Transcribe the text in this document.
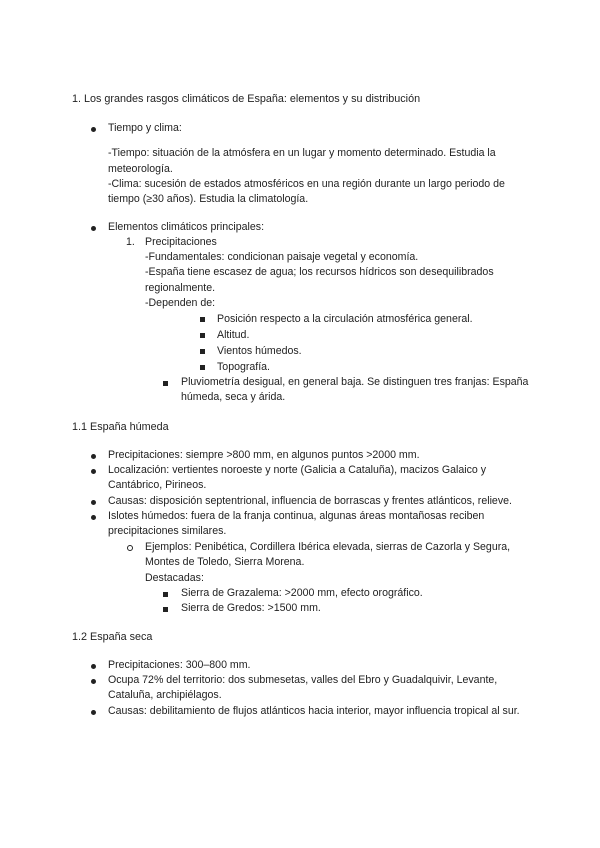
1. Los grandes rasgos climáticos de España: elementos y su distribución
Tiempo y clima:
-Tiempo: situación de la atmósfera en un lugar y momento determinado. Estudia la
meteorología.
-Clima: sucesión de estados atmosféricos en una región durante un largo periodo de
tiempo (≥30 años). Estudia la climatología.
Elementos climáticos principales:
1. Precipitaciones
-Fundamentales: condicionan paisaje vegetal y economía.
-España tiene escasez de agua; los recursos hídricos son desequilibrados
regionalmente.
-Dependen de:
Posición respecto a la circulación atmosférica general.
Altitud.
Vientos húmedos.
Topografía.
Pluviometría desigual, en general baja. Se distinguen tres franjas: España
húmeda, seca y árida.
1.1 España húmeda
Precipitaciones: siempre >800 mm, en algunos puntos >2000 mm.
Localización: vertientes noroeste y norte (Galicia a Cataluña), macizos Galaico y
Cantábrico, Pirineos.
Causas: disposición septentrional, influencia de borrascas y frentes atlánticos, relieve.
Islotes húmedos: fuera de la franja continua, algunas áreas montañosas reciben
precipitaciones similares.
Ejemplos: Penibética, Cordillera Ibérica elevada, sierras de Cazorla y Segura,
Montes de Toledo, Sierra Morena.
Destacadas:
Sierra de Grazalema: >2000 mm, efecto orográfico.
Sierra de Gredos: >1500 mm.
1.2 España seca
Precipitaciones: 300–800 mm.
Ocupa 72% del territorio: dos submesetas, valles del Ebro y Guadalquivir, Levante,
Cataluña, archipiélagos.
Causas: debilitamiento de flujos atlánticos hacia interior, mayor influencia tropical al sur.
